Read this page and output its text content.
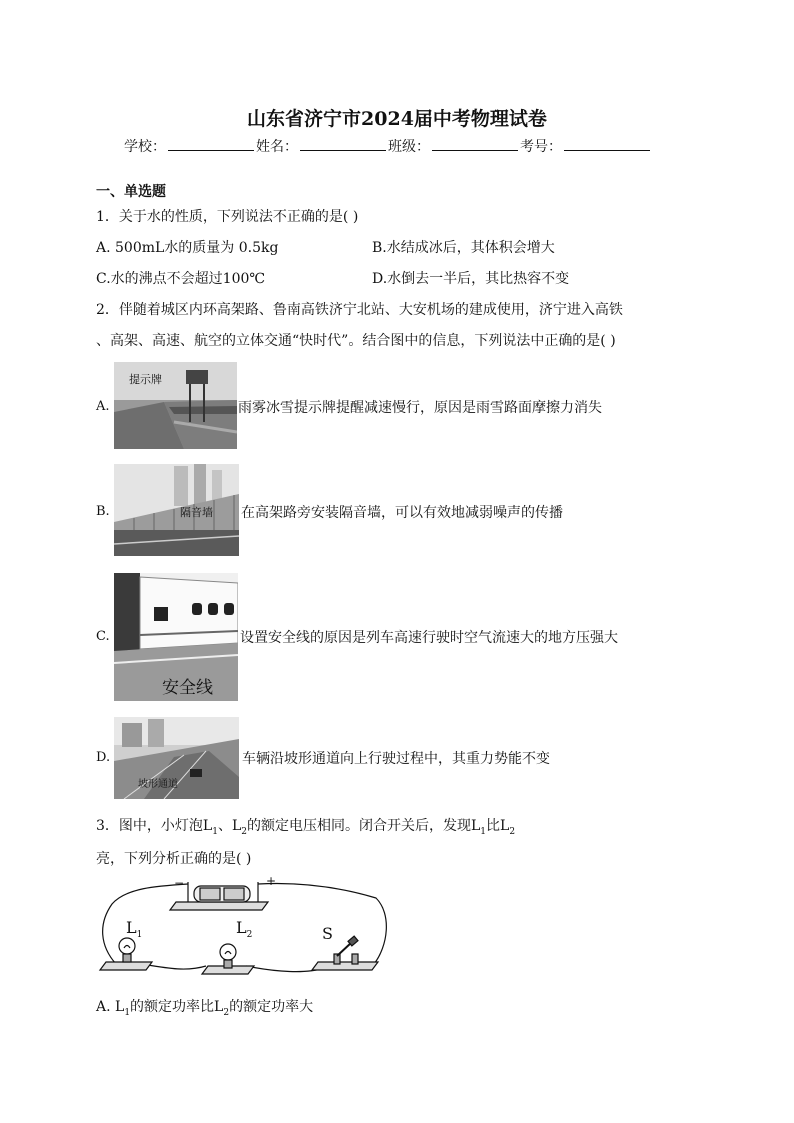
山东省济宁市2024届中考物理试卷
学校：	姓名：	班级：	考号：
一、单选题
1．关于水的性质，下列说法不正确的是( )
A. 500mL水的质量为 0.5kg	B.水结成冰后，其体积会增大
C.水的沸点不会超过100℃	D.水倒去一半后，其比热容不变
2．伴随着城区内环高架路、鲁南高铁济宁北站、大安机场的建成使用，济宁进入高铁
、高架、高速、航空的立体交通“快时代”。结合图中的信息，下列说法中正确的是( )
A.
提示牌
雨雾冰雪提示牌提醒减速慢行，原因是雨雪路面摩擦力消失
B.	隔音墙 在高架路旁安装隔音墙，可以有效地减弱噪声的传播
C.
安全线
设置安全线的原因是列车高速行驶时空气流速大的地方压强大
D.
坡形通道
车辆沿坡形通道向上行驶过程中，其重力势能不变
3．图中，小灯泡$L_1$、$L_2$的额定电压相同。闭合开关后，发现$L_1$比$L_2$
亮，下列分析正确的是( )
−	+
$L_1$	$L_2$	S
A. $L_1$的额定功率比$L_2$的额定功率大
